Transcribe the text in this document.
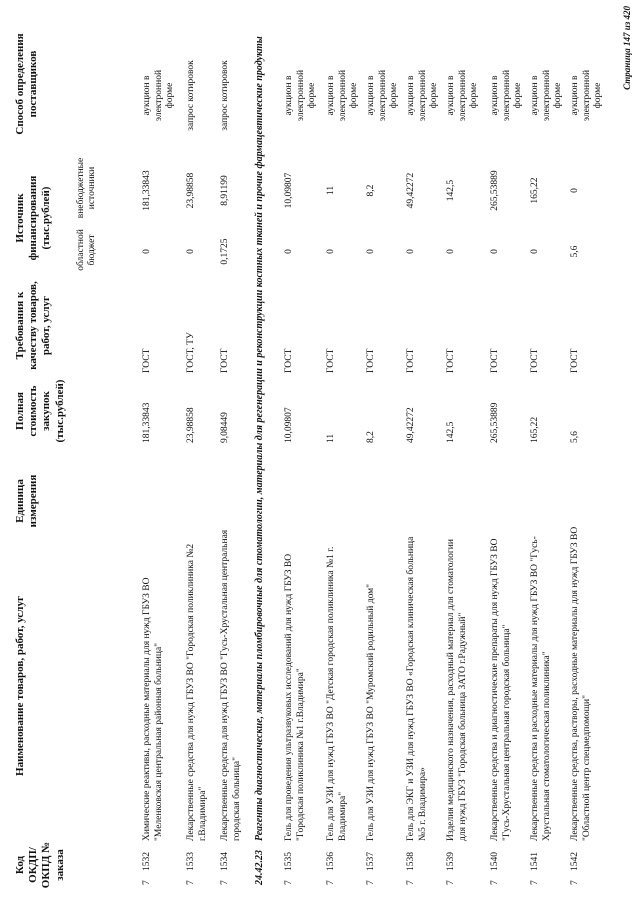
Код ОКДП/ ОКПД № заказа
Наименование товаров, работ, услуг
Единица измерения
Полная стоимость закупок (тыс.рублей)
Требования к качеству товаров, работ, услуг
Источник финансирования (тыс.рублей)
областной бюджет
внебюджетные источники
Способ определения поставщиков
7
1532
Химические реактивы, расходные материалы для нужд ГБУЗ ВО "Меленковская центральная районная больница"
181,33843
ГОСТ
0
181,33843
аукцион в электронной форме
7
1533
Лекарственные средства для нужд ГБУЗ ВО "Городская поликлиника №2 г.Владимира"
23,98858
ГОСТ, ТУ
0
23,98858
запрос котировок
7
1534
Лекарственные средства для нужд ГБУЗ ВО "Гусь-Хрустальная центральная городская больница"
9,08449
ГОСТ
0,1725
8,91199
запрос котировок
24.42.23
Реагенты диагностические, материалы пломбировочные для стоматологии, материалы для регенерации и реконструкции костных тканей и прочие фармацевтические продукты
7
1535
Гель для проведения ультразвуковых исследований для нужд ГБУЗ ВО "Городская поликлиника №1 г.Владимира"
10,09807
ГОСТ
0
10,09807
аукцион в электронной форме
7
1536
Гель для УЗИ для нужд ГБУЗ ВО "Детская городская поликлиника №1 г. Владимира"
11
ГОСТ
0
11
аукцион в электронной форме
7
1537
Гель для УЗИ для нужд ГБУЗ ВО "Муромский родильный дом"
8,2
ГОСТ
0
8,2
аукцион в электронной форме
7
1538
Гель для ЭКГ и УЗИ для нужд ГБУЗ ВО «Городская клиническая больница №5 г. Владимира»
49,42272
ГОСТ
0
49,42272
аукцион в электронной форме
7
1539
Изделия медицинского назначения, расходный материал для стоматологии для нужд ГБУЗ "Городская больница ЗАТО г.Радужный"
142,5
ГОСТ
0
142,5
аукцион в электронной форме
7
1540
Лекарственные средства и диагностические препараты для нужд ГБУЗ ВО "Гусь-Хрустальная центральная городская больница"
265,53889
ГОСТ
0
265,53889
аукцион в электронной форме
7
1541
Лекарственные средства и расходные материалы для нужд ГБУЗ ВО "Гусь-Хрустальная стоматологическая поликлиника"
165,22
ГОСТ
0
165,22
аукцион в электронной форме
7
1542
Лекарственные средства, растворы, расходные материалы для нужд ГБУЗ ВО "Областной центр спецмедпомощи"
5,6
ГОСТ
5,6
0
аукцион в электронной форме
Страница 147 из 420
